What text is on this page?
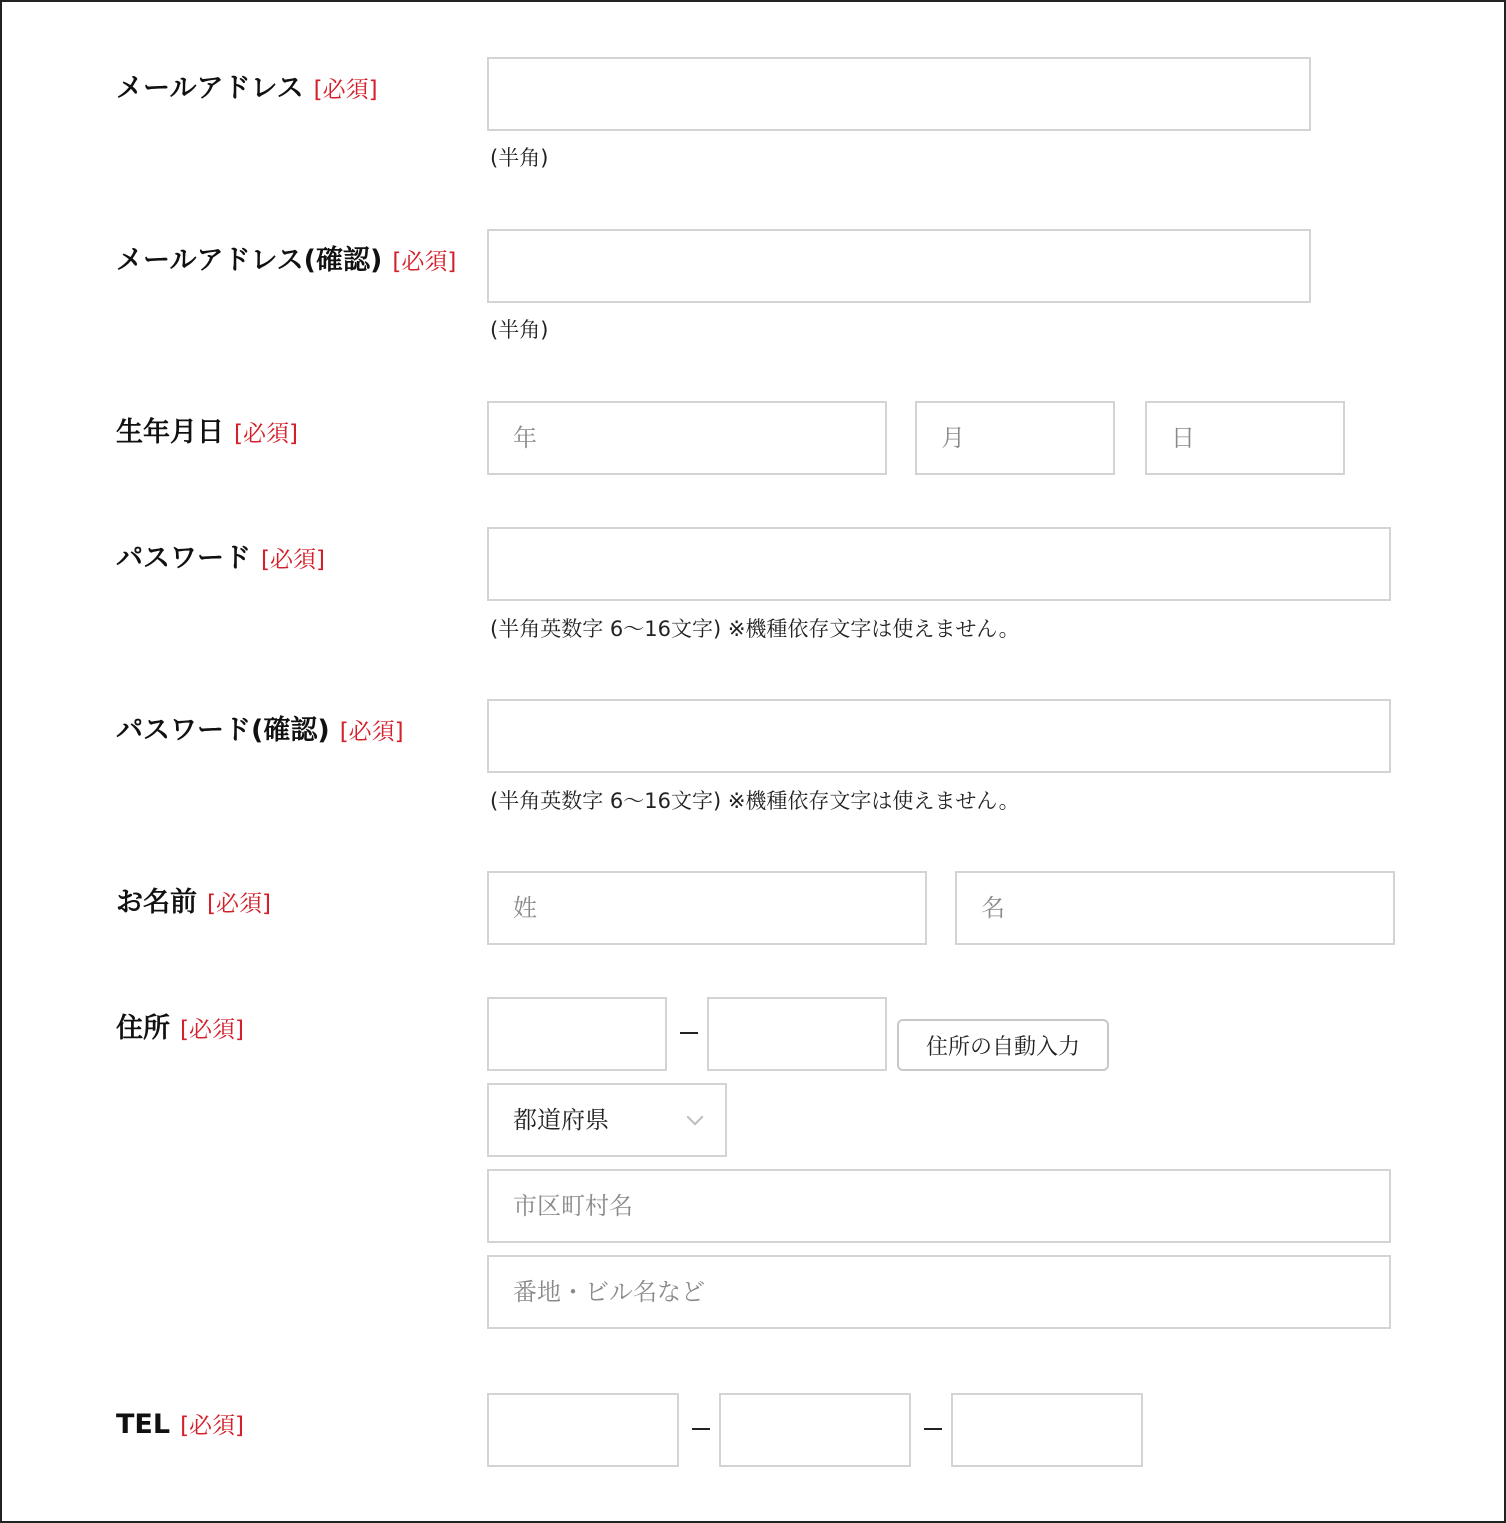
メールアドレス [必須]
(半角)
メールアドレス(確認) [必須]
(半角)
生年月日 [必須]
年
月
日
パスワード [必須]
(半角英数字 6〜16文字) ※機種依存文字は使えません。
パスワード(確認) [必須]
(半角英数字 6〜16文字) ※機種依存文字は使えません。
お名前 [必須]
姓
名
住所 [必須]
住所の自動入力
都道府県
市区町村名
番地・ビル名など
TEL [必須]
